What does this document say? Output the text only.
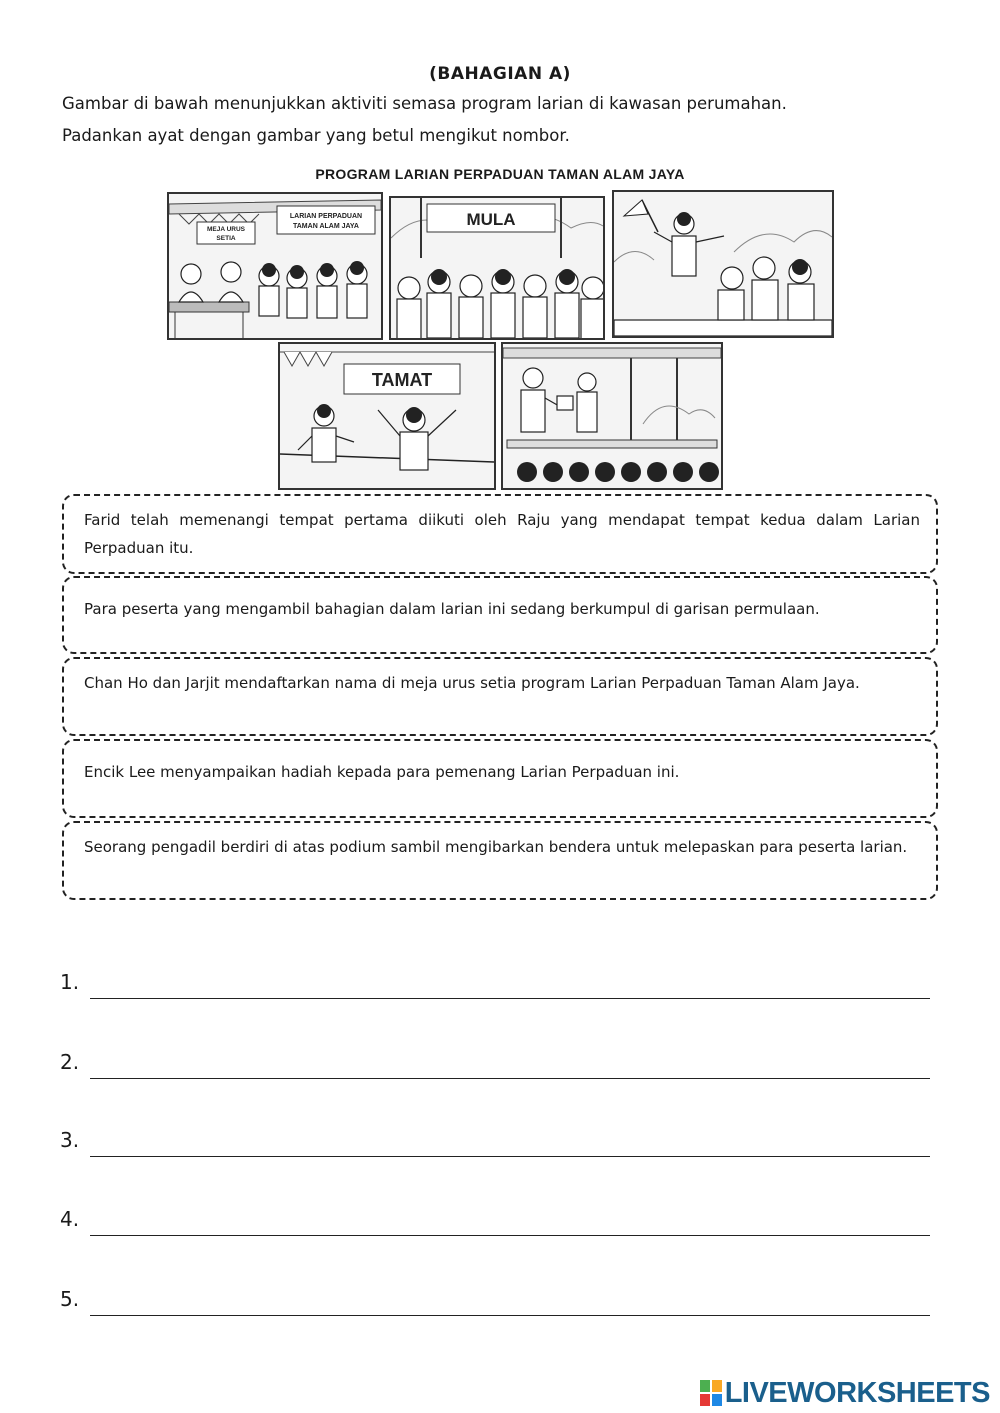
(BAHAGIAN A)
Gambar di bawah menunjukkan aktiviti semasa program larian di kawasan perumahan.
Padankan ayat dengan gambar yang betul mengikut nombor.
PROGRAM LARIAN PERPADUAN TAMAN ALAM JAYA
MEJA URUS
SETIA
LARIAN PERPADUAN
TAMAN ALAM JAYA	MULA
TAMAT
Farid telah memenangi tempat pertama diikuti oleh Raju yang mendapat tempat kedua dalam Larian Perpaduan itu.
Para peserta yang mengambil bahagian dalam larian ini sedang berkumpul di garisan permulaan.
Chan Ho dan Jarjit mendaftarkan nama di meja urus setia program Larian Perpaduan Taman Alam Jaya.
Encik Lee menyampaikan hadiah kepada para pemenang Larian Perpaduan ini.
Seorang pengadil berdiri di atas podium sambil mengibarkan bendera untuk melepaskan para peserta larian.
1.
2.
3.
4.
5.
LIVEWORKSHEETS
